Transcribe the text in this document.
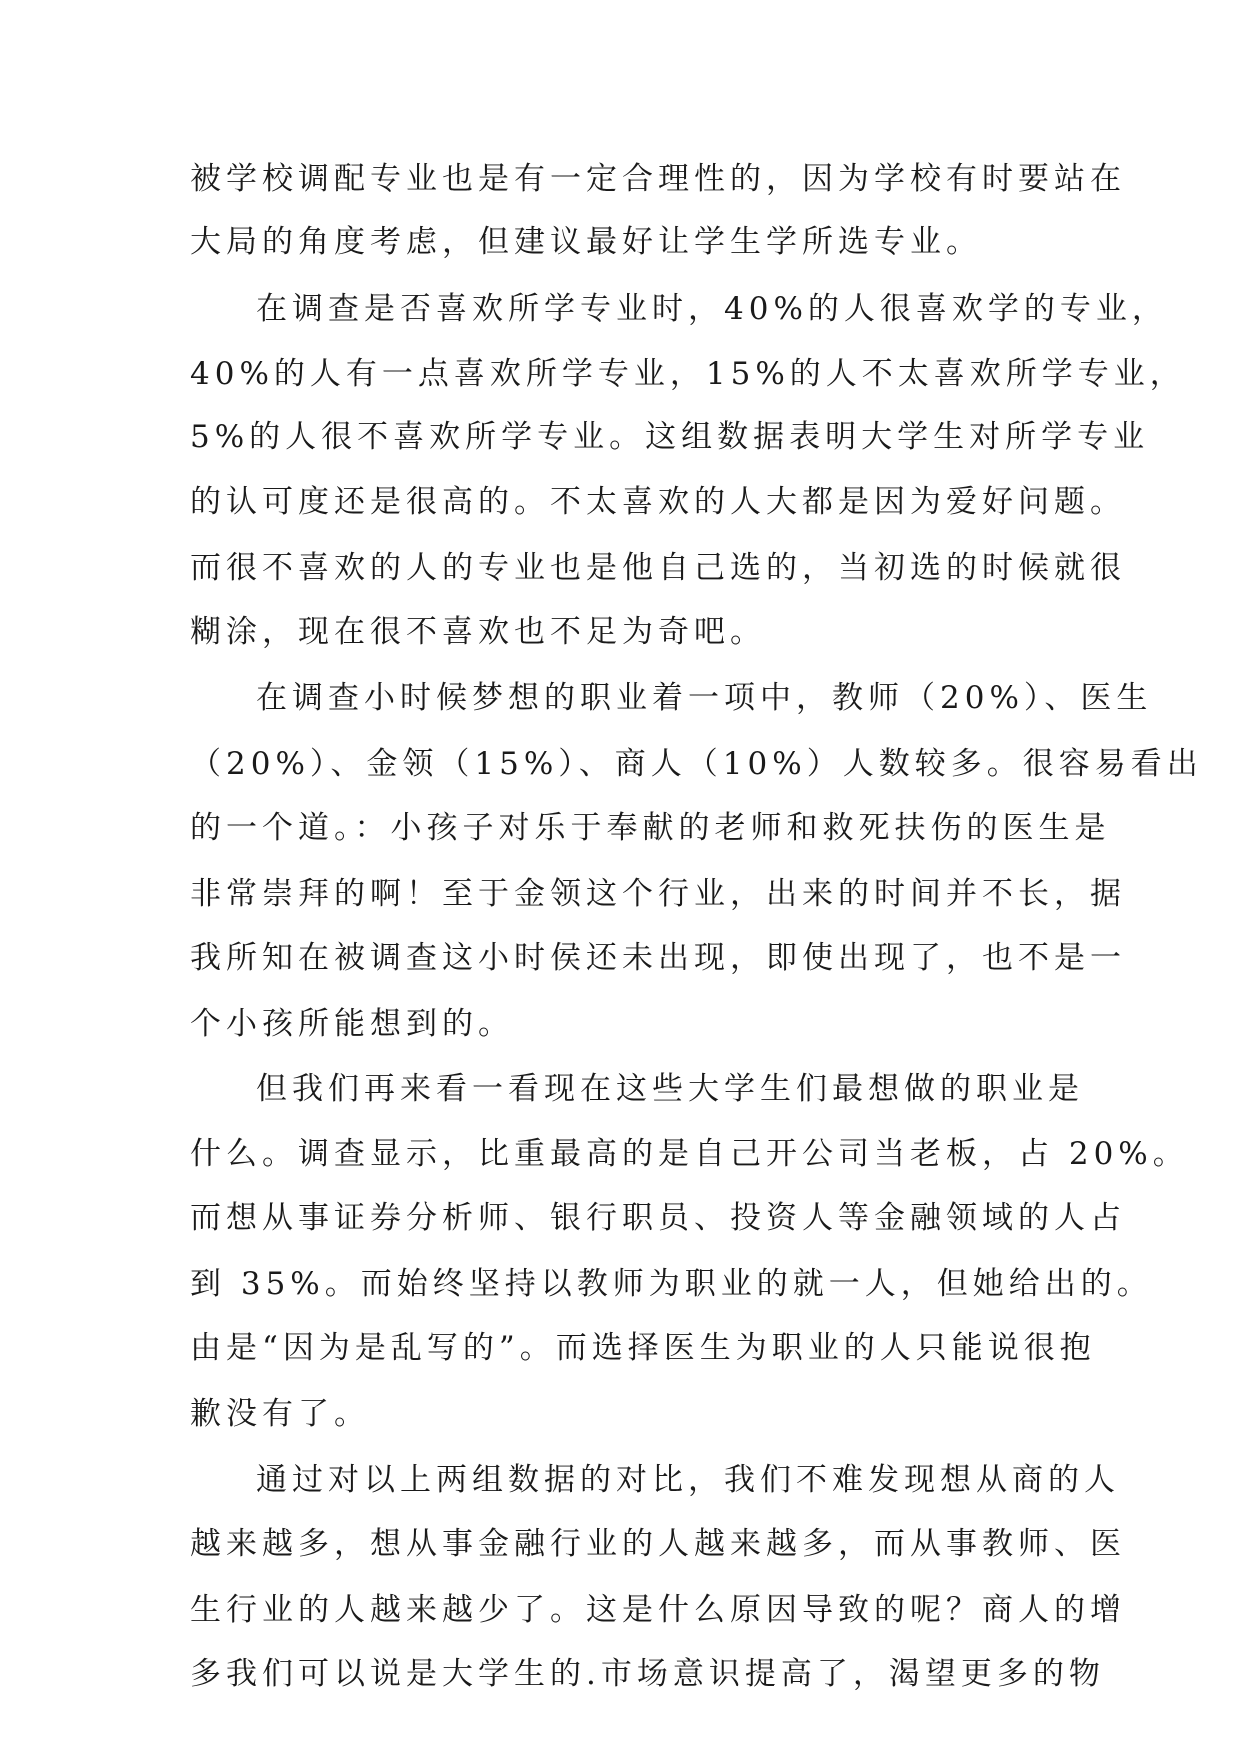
被学校调配专业也是有一定合理性的，因为学校有时要站在
大局的角度考虑，但建议最好让学生学所选专业。
在调查是否喜欢所学专业时，40%的人很喜欢学的专业，
40%的人有一点喜欢所学专业，15%的人不太喜欢所学专业，
5%的人很不喜欢所学专业。这组数据表明大学生对所学专业
的认可度还是很高的。不太喜欢的人大都是因为爱好问题。
而很不喜欢的人的专业也是他自己选的，当初选的时候就很
糊涂，现在很不喜欢也不足为奇吧。
在调查小时候梦想的职业着一项中，教师（20%）、医生
（20%）、金领（15%）、商人（10%）人数较多。很容易看出
的一个道。：小孩子对乐于奉献的老师和救死扶伤的医生是
非常崇拜的啊！至于金领这个行业，出来的时间并不长，据
我所知在被调查这小时侯还未出现，即使出现了，也不是一
个小孩所能想到的。
但我们再来看一看现在这些大学生们最想做的职业是
什么。调查显示，比重最高的是自己开公司当老板，占 20%。
而想从事证券分析师、银行职员、投资人等金融领域的人占
到 35%。而始终坚持以教师为职业的就一人，但她给出的。
由是“因为是乱写的”。而选择医生为职业的人只能说很抱
歉没有了。
通过对以上两组数据的对比，我们不难发现想从商的人
越来越多，想从事金融行业的人越来越多，而从事教师、医
生行业的人越来越少了。这是什么原因导致的呢？商人的增
多我们可以说是大学生的.市场意识提高了，渴望更多的物
